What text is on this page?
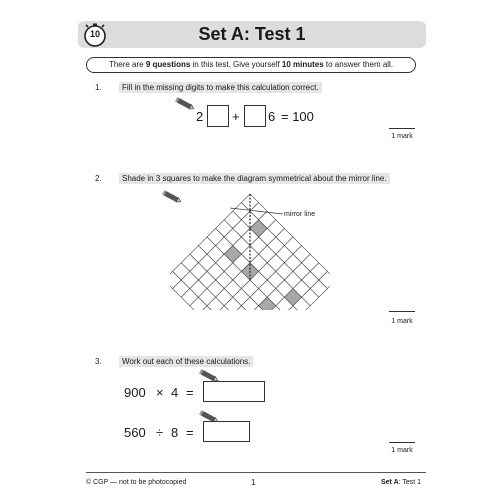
Set A: Test 1
10
There are 9 questions in this test. Give yourself 10 minutes to answer them all.
1.	Fill in the missing digits to make this calculation correct.
2 + 6 = 100
1 mark
2.	Shade in 3 squares to make the diagram symmetrical about the mirror line.
mirror line
1 mark
3.	Work out each of these calculations.
900 × 4 =
560 ÷ 8 =
1 mark
© CGP — not to be photocopied	1	Set A: Test 1
